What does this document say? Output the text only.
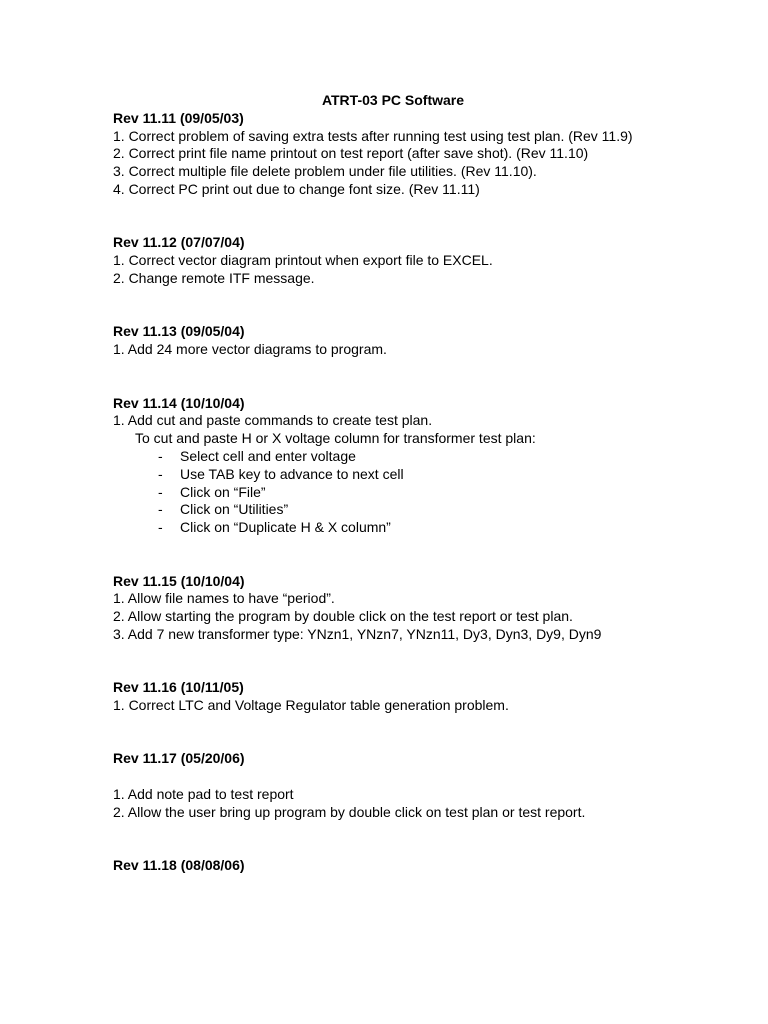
ATRT-03 PC Software

Rev 11.11 (09/05/03)

1. Correct problem of saving extra tests after running test using test plan. (Rev 11.9)

2. Correct print file name printout on test report (after save shot). (Rev 11.10)

3. Correct multiple file delete problem under file utilities. (Rev 11.10).

4. Correct PC print out due to change font size. (Rev 11.11)

Rev 11.12 (07/07/04)

1. Correct vector diagram printout when export file to EXCEL.

2. Change remote ITF message.

Rev 11.13 (09/05/04)

1. Add 24 more vector diagrams to program.

Rev 11.14 (10/10/04)

1. Add cut and paste commands to create test plan.

To cut and paste H or X voltage column for transformer test plan:

- Select cell and enter voltage
- Use TAB key to advance to next cell
- Click on “File”
- Click on “Utilities”
- Click on “Duplicate H & X column”

Rev 11.15 (10/10/04)

1. Allow file names to have “period”.

2. Allow starting the program by double click on the test report or test plan.

3. Add 7 new transformer type: YNzn1, YNzn7, YNzn11, Dy3, Dyn3, Dy9, Dyn9

Rev 11.16 (10/11/05)

1. Correct LTC and Voltage Regulator table generation problem.

Rev 11.17 (05/20/06)

1. Add note pad to test report

2. Allow the user bring up program by double click on test plan or test report.

Rev 11.18 (08/08/06)
